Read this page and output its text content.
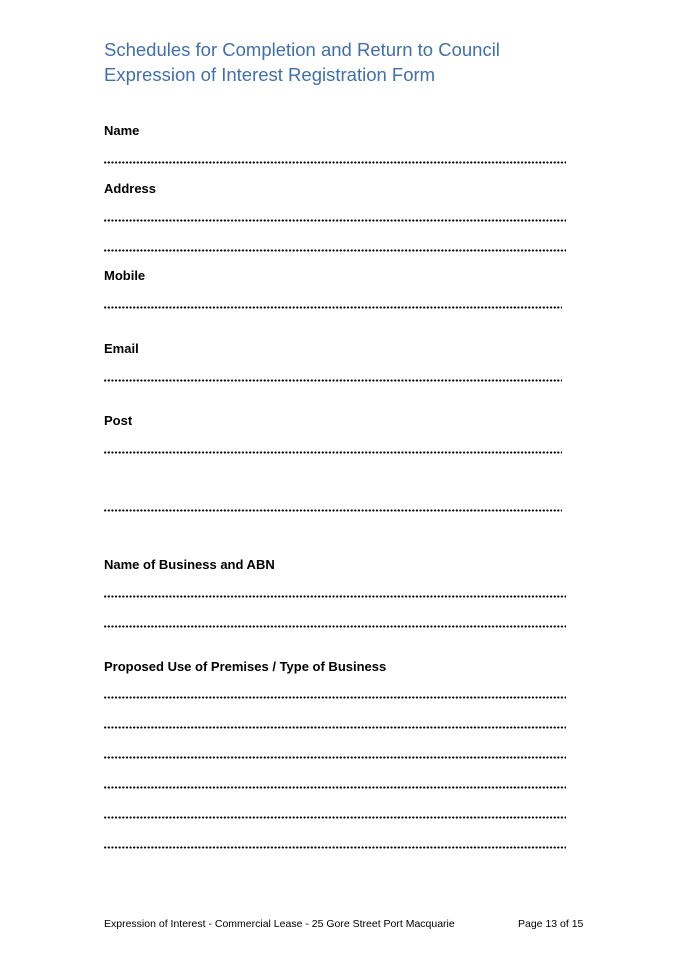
Schedules for Completion and Return to Council
Expression of Interest Registration Form
Name
Address
Mobile
Email
Post
Name of Business and ABN
Proposed Use of Premises / Type of Business
Expression of Interest - Commercial Lease - 25 Gore Street Port Macquarie	Page 13 of 15
